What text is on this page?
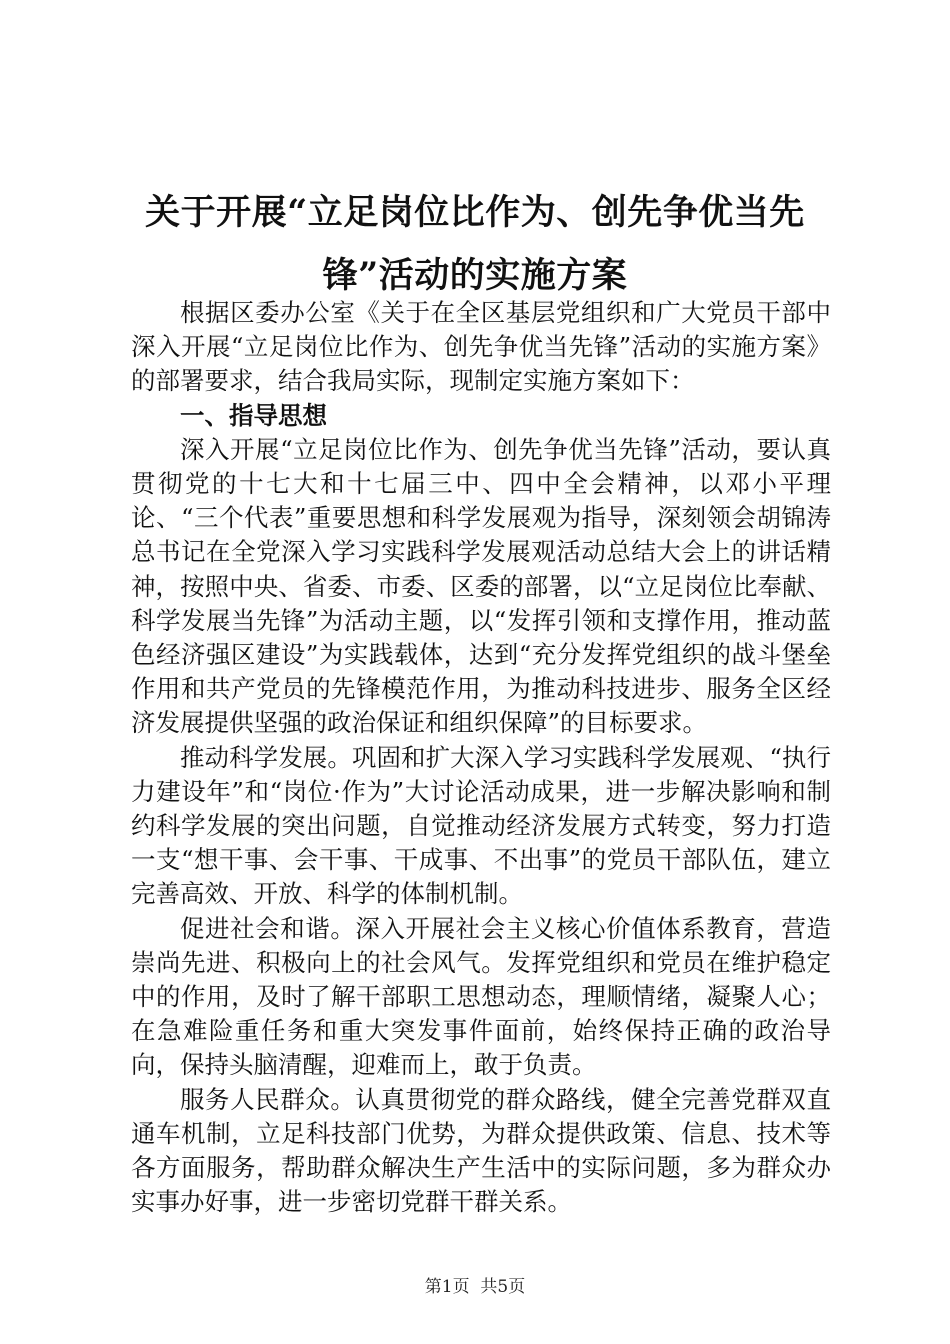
关于开展“立足岗位比作为、创先争优当先
锋”活动的实施方案

根据区委办公室《关于在全区基层党组织和广大党员干部中深入开展“立足岗位比作为、创先争优当先锋”活动的实施方案》的部署要求，结合我局实际，现制定实施方案如下：

一、指导思想

深入开展“立足岗位比作为、创先争优当先锋”活动，要认真贯彻党的十七大和十七届三中、四中全会精神，以邓小平理论、“三个代表”重要思想和科学发展观为指导，深刻领会胡锦涛总书记在全党深入学习实践科学发展观活动总结大会上的讲话精神，按照中央、省委、市委、区委的部署，以“立足岗位比奉献、科学发展当先锋”为活动主题，以“发挥引领和支撑作用，推动蓝色经济强区建设”为实践载体，达到“充分发挥党组织的战斗堡垒作用和共产党员的先锋模范作用，为推动科技进步、服务全区经济发展提供坚强的政治保证和组织保障”的目标要求。

推动科学发展。巩固和扩大深入学习实践科学发展观、“执行力建设年”和“岗位·作为”大讨论活动成果，进一步解决影响和制约科学发展的突出问题，自觉推动经济发展方式转变，努力打造一支“想干事、会干事、干成事、不出事”的党员干部队伍，建立完善高效、开放、科学的体制机制。

促进社会和谐。深入开展社会主义核心价值体系教育，营造崇尚先进、积极向上的社会风气。发挥党组织和党员在维护稳定中的作用，及时了解干部职工思想动态，理顺情绪，凝聚人心；在急难险重任务和重大突发事件面前，始终保持正确的政治导向，保持头脑清醒，迎难而上，敢于负责。

服务人民群众。认真贯彻党的群众路线，健全完善党群双直通车机制，立足科技部门优势，为群众提供政策、信息、技术等各方面服务，帮助群众解决生产生活中的实际问题，多为群众办实事办好事，进一步密切党群干群关系。

第1页  共5页
